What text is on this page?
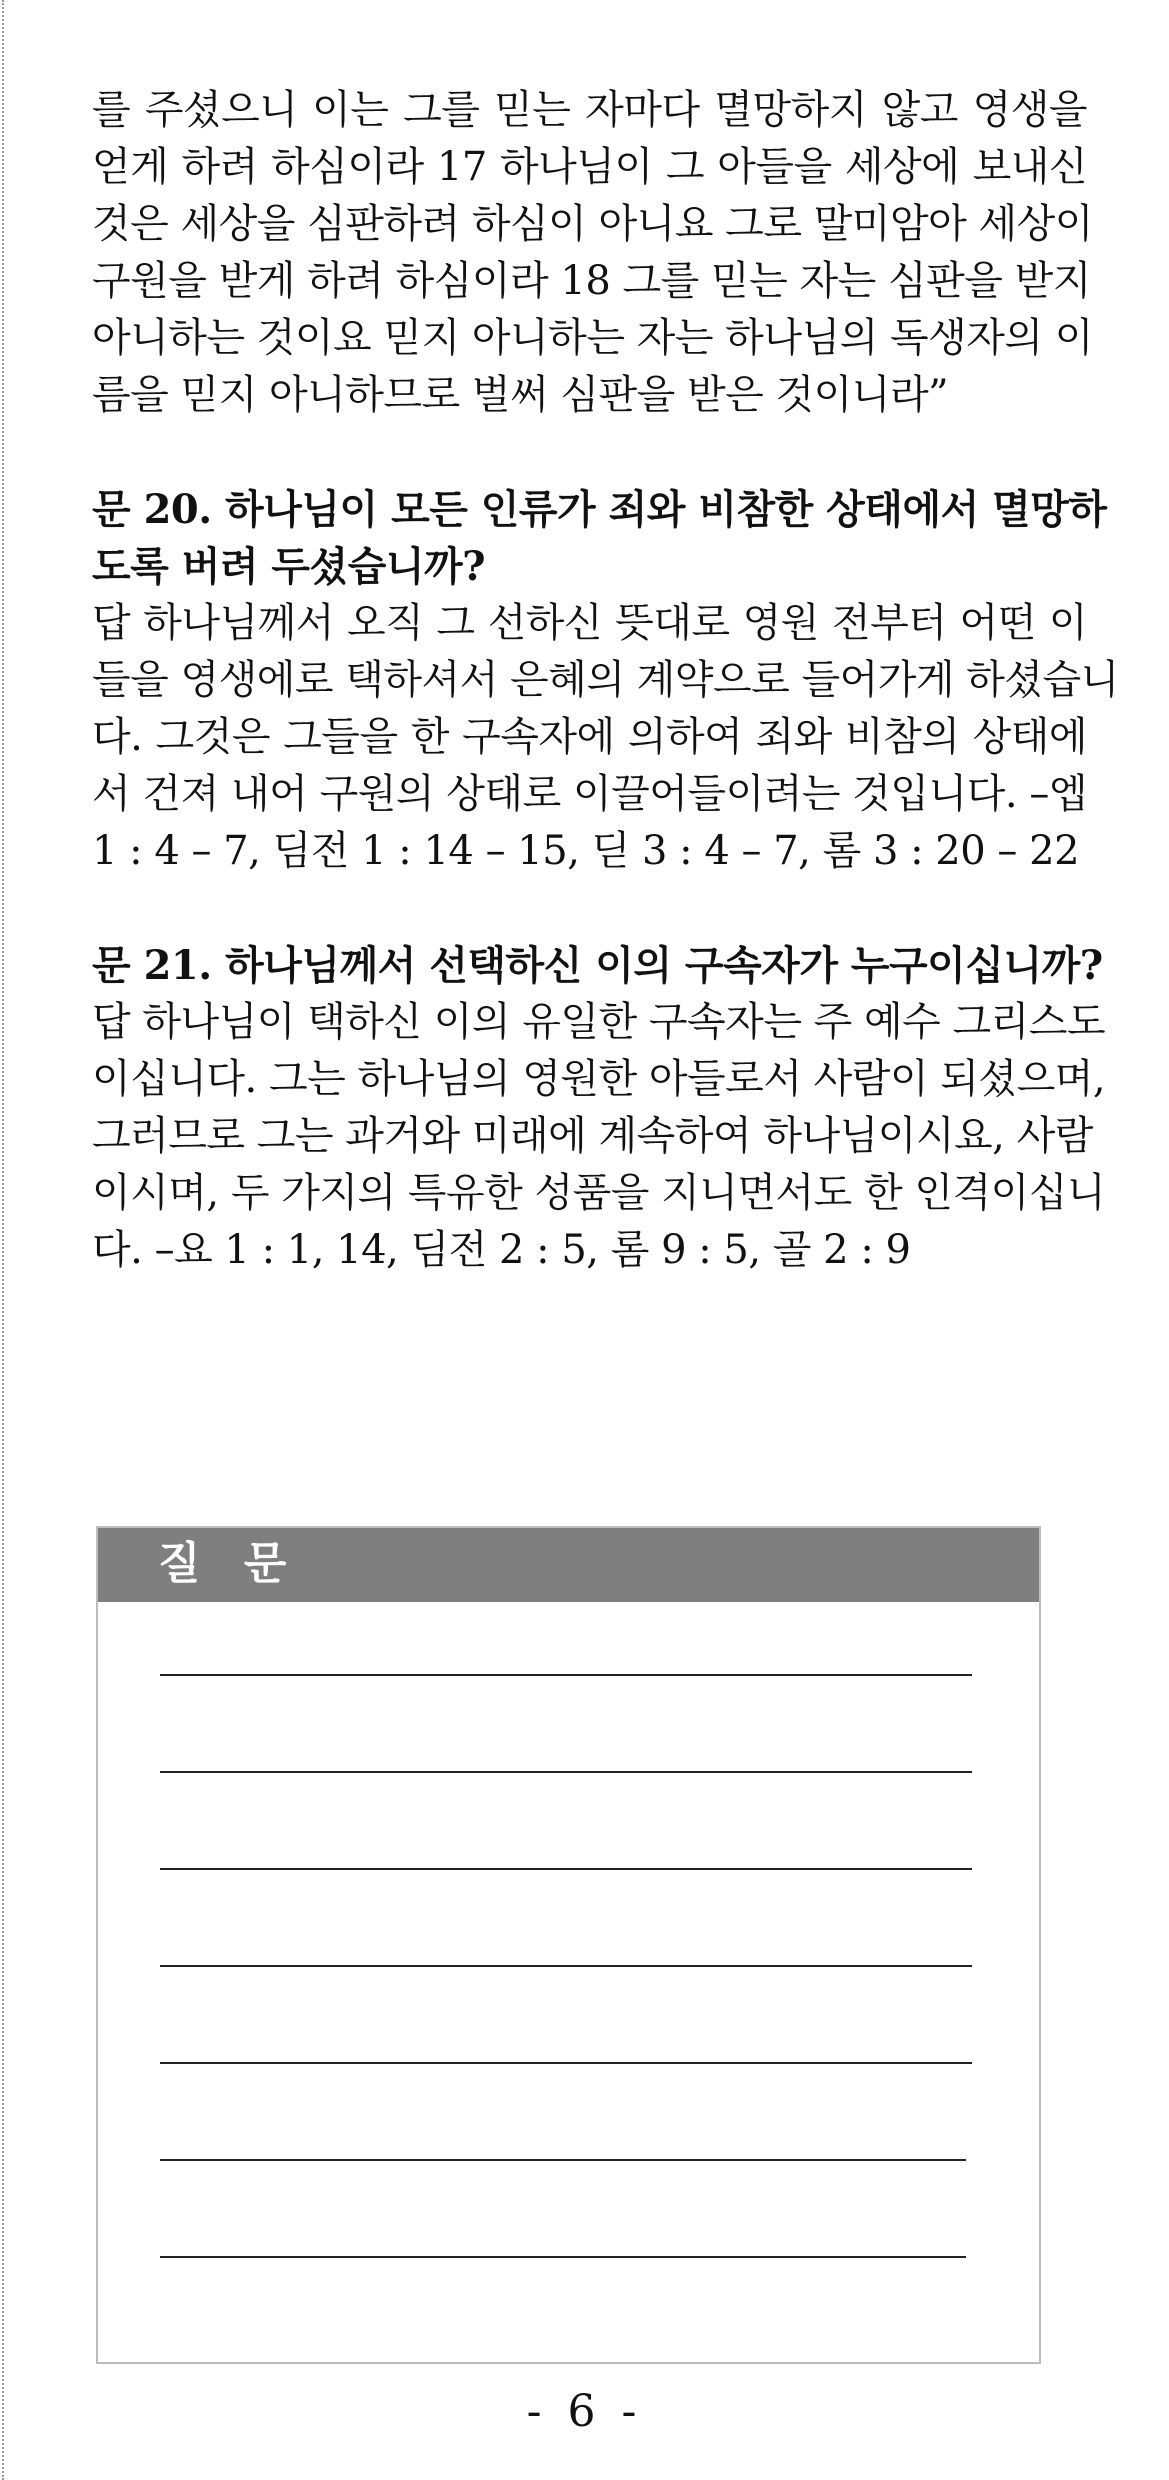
를 주셨으니 이는 그를 믿는 자마다 멸망하지 않고 영생을
얻게 하려 하심이라 17 하나님이 그 아들을 세상에 보내신
것은 세상을 심판하려 하심이 아니요 그로 말미암아 세상이
구원을 받게 하려 하심이라 18 그를 믿는 자는 심판을 받지
아니하는 것이요 믿지 아니하는 자는 하나님의 독생자의 이
름을 믿지 아니하므로 벌써 심판을 받은 것이니라”
문 20. 하나님이 모든 인류가 죄와 비참한 상태에서 멸망하
도록 버려 두셨습니까?
답 하나님께서 오직 그 선하신 뜻대로 영원 전부터 어떤 이
들을 영생에로 택하셔서 은혜의 계약으로 들어가게 하셨습니
다. 그것은 그들을 한 구속자에 의하여 죄와 비참의 상태에
서 건져 내어 구원의 상태로 이끌어들이려는 것입니다. –엡
1 : 4 – 7, 딤전 1 : 14 – 15, 딛 3 : 4 – 7, 롬 3 : 20 – 22
문 21. 하나님께서 선택하신 이의 구속자가 누구이십니까?
답 하나님이 택하신 이의 유일한 구속자는 주 예수 그리스도
이십니다. 그는 하나님의 영원한 아들로서 사람이 되셨으며,
그러므로 그는 과거와 미래에 계속하여 하나님이시요, 사람
이시며, 두 가지의 특유한 성품을 지니면서도 한 인격이십니
다. –요 1 : 1, 14, 딤전 2 : 5, 롬 9 : 5, 골 2 : 9
질 문
- 6 -
